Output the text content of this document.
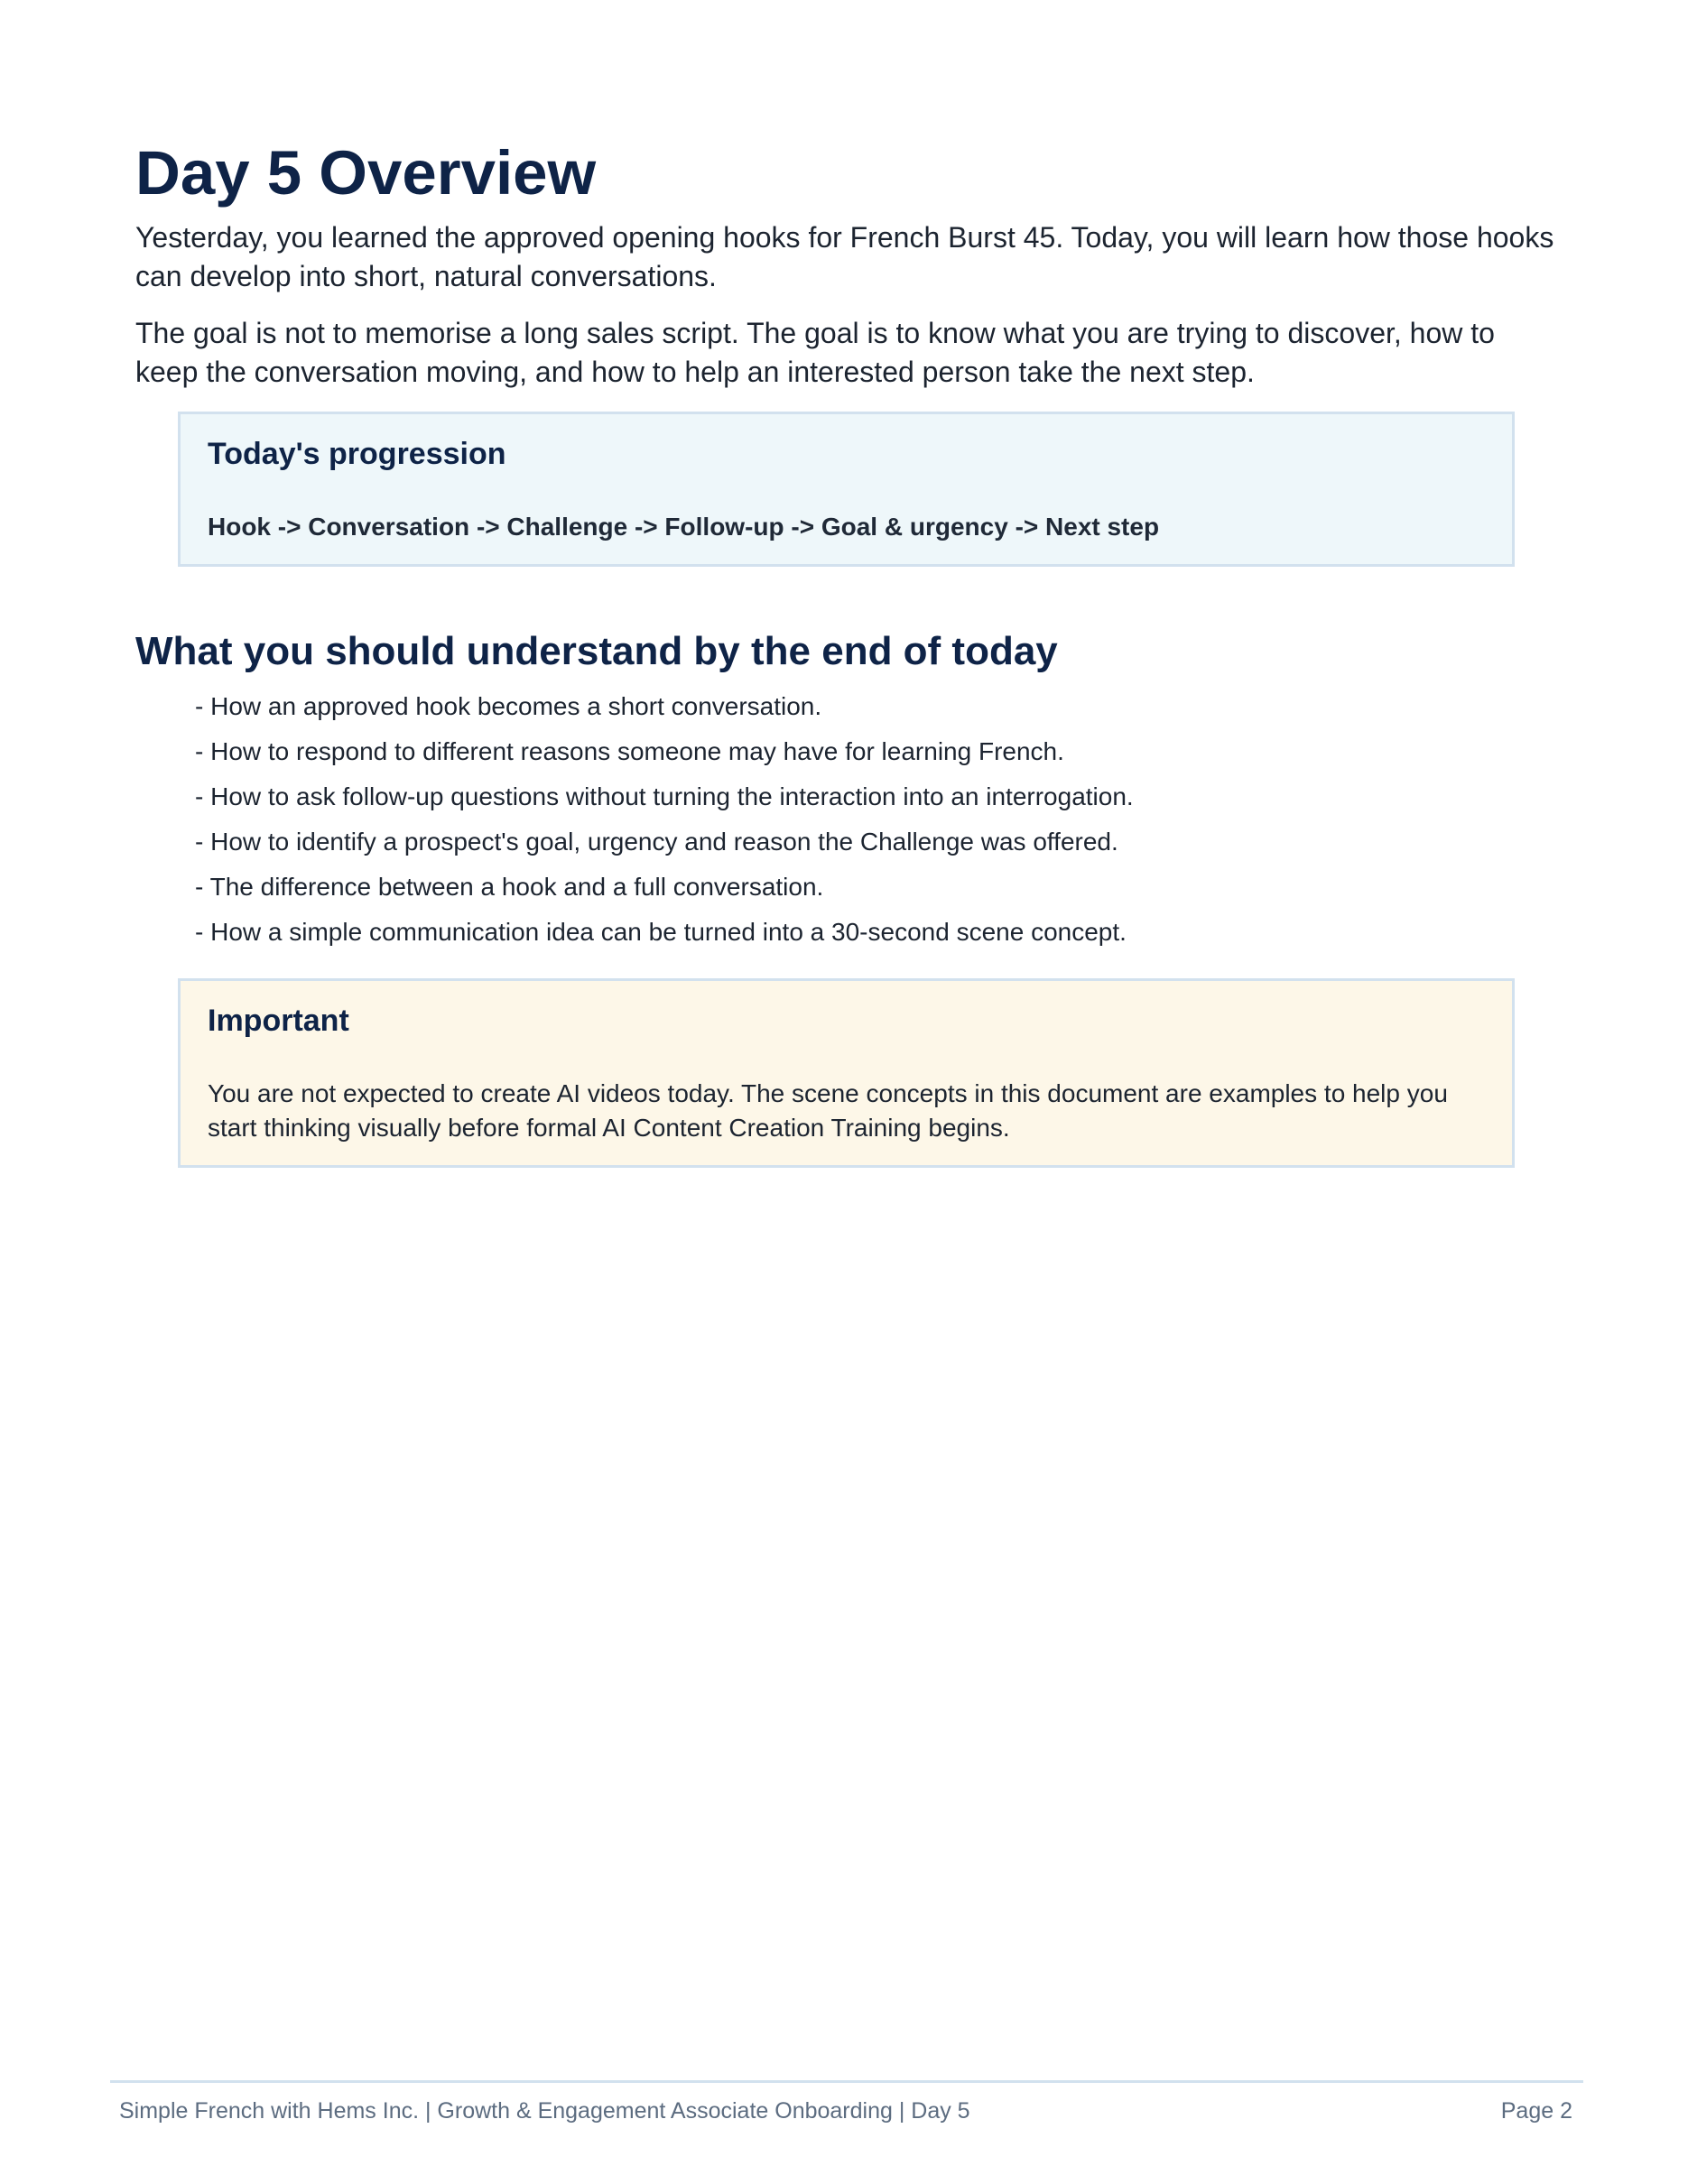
Day 5 Overview

Yesterday, you learned the approved opening hooks for French Burst 45. Today, you will learn how those hooks can develop into short, natural conversations.

The goal is not to memorise a long sales script. The goal is to know what you are trying to discover, how to keep the conversation moving, and how to help an interested person take the next step.

Today's progression
Hook -> Conversation -> Challenge -> Follow-up -> Goal & urgency -> Next step
What you should understand by the end of today
- How an approved hook becomes a short conversation.
- How to respond to different reasons someone may have for learning French.
- How to ask follow-up questions without turning the interaction into an interrogation.
- How to identify a prospect's goal, urgency and reason the Challenge was offered.
- The difference between a hook and a full conversation.
- How a simple communication idea can be turned into a 30-second scene concept.
Important
You are not expected to create AI videos today. The scene concepts in this document are examples to help you start thinking visually before formal AI Content Creation Training begins.
Simple French with Hems Inc. | Growth & Engagement Associate Onboarding | Day 5	Page 2
